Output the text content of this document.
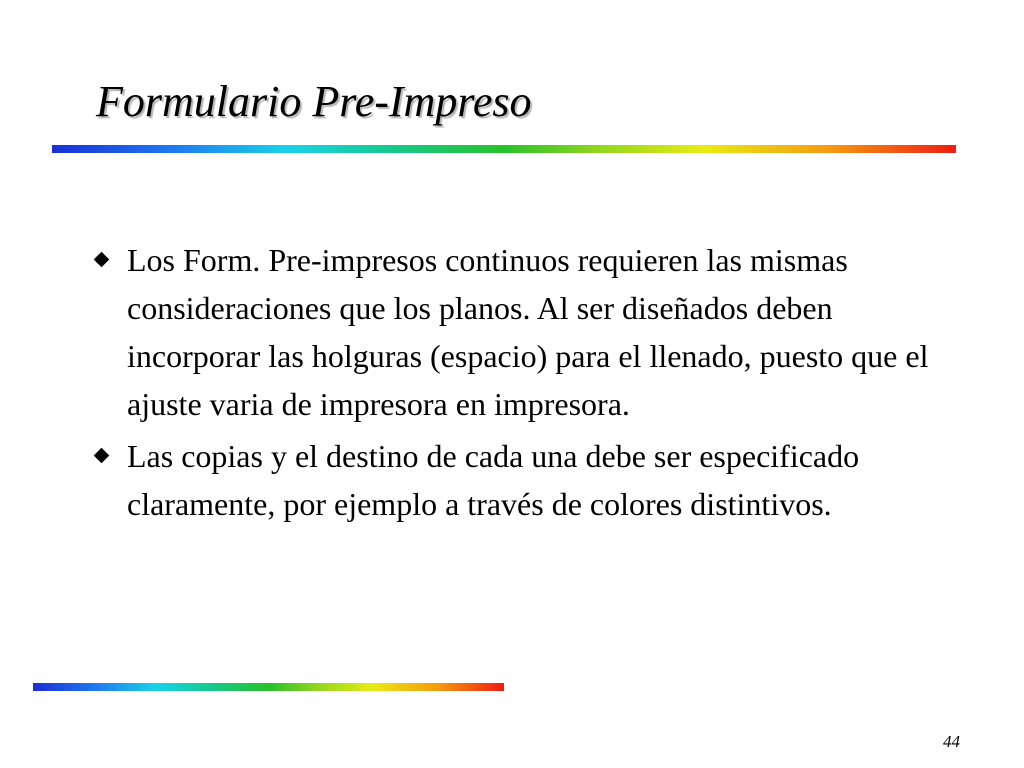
Formulario Pre-Impreso
Los Form. Pre-impresos continuos requieren las mismas consideraciones que los planos. Al ser diseñados deben incorporar las holguras (espacio) para el llenado, puesto que el ajuste varia de impresora en impresora.
Las copias y el destino de cada una debe ser especificado claramente, por ejemplo a través de colores distintivos.
44
